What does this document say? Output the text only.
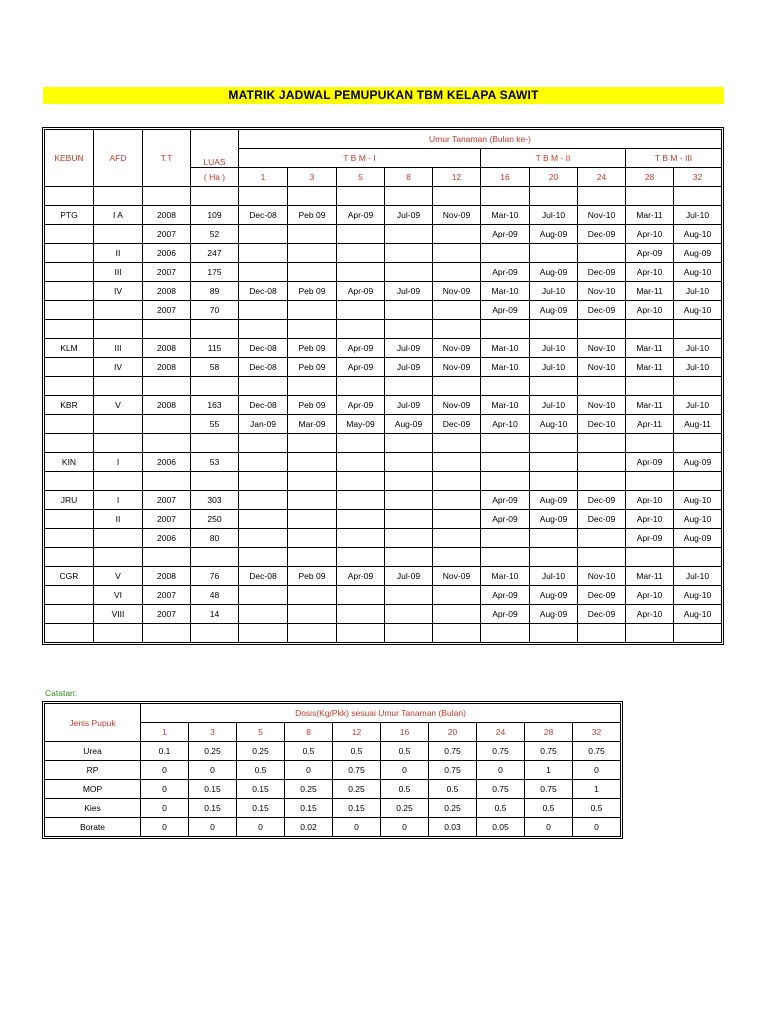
MATRIK JADWAL PEMUPUKAN TBM KELAPA SAWIT
KEBUN	AFD	T.T	LUAS	Umur Tanaman (Bulan ke-)									
				T B M - I					T B M - II			T B M - III	
			( Ha )	1	3	5	8	12	16	20	24	28	32

PTG	I A	2008	109	Dec-08	Peb 09	Apr-09	Jul-09	Nov-09	Mar-10	Jul-10	Nov-10	Mar-11	Jul-10
		2007	52						Apr-09	Aug-09	Dec-09	Apr-10	Aug-10
	II	2006	247									Apr-09	Aug-09
	III	2007	175						Apr-09	Aug-09	Dec-09	Apr-10	Aug-10
	IV	2008	89	Dec-08	Peb 09	Apr-09	Jul-09	Nov-09	Mar-10	Jul-10	Nov-10	Mar-11	Jul-10
		2007	70						Apr-09	Aug-09	Dec-09	Apr-10	Aug-10

KLM	III	2008	115	Dec-08	Peb 09	Apr-09	Jul-09	Nov-09	Mar-10	Jul-10	Nov-10	Mar-11	Jul-10
	IV	2008	58	Dec-08	Peb 09	Apr-09	Jul-09	Nov-09	Mar-10	Jul-10	Nov-10	Mar-11	Jul-10

KBR	V	2008	163	Dec-08	Peb 09	Apr-09	Jul-09	Nov-09	Mar-10	Jul-10	Nov-10	Mar-11	Jul-10
			55	Jan-09	Mar-09	May-09	Aug-09	Dec-09	Apr-10	Aug-10	Dec-10	Apr-11	Aug-11

KIN	I	2006	53									Apr-09	Aug-09

JRU	I	2007	303						Apr-09	Aug-09	Dec-09	Apr-10	Aug-10
	II	2007	250						Apr-09	Aug-09	Dec-09	Apr-10	Aug-10
		2006	80									Apr-09	Aug-09

CGR	V	2008	76	Dec-08	Peb 09	Apr-09	Jul-09	Nov-09	Mar-10	Jul-10	Nov-10	Mar-11	Jul-10
	VI	2007	48						Apr-09	Aug-09	Dec-09	Apr-10	Aug-10
	VIII	2007	14						Apr-09	Aug-09	Dec-09	Apr-10	Aug-10

Catatan:
Jenis Pupuk	Dosis(Kg/Pkk) sesuai Umur Tanaman (Bulan)									
	1	3	5	8	12	16	20	24	28	32
Urea	0.1	0.25	0.25	0.5	0.5	0.5	0.75	0.75	0.75	0.75
RP	0	0	0.5	0	0.75	0	0.75	0	1	0
MOP	0	0.15	0.15	0.25	0.25	0.5	0.5	0.75	0.75	1
Kies	0	0.15	0.15	0.15	0.15	0.25	0.25	0.5	0.5	0.5
Borate	0	0	0	0.02	0	0	0.03	0.05	0	0
